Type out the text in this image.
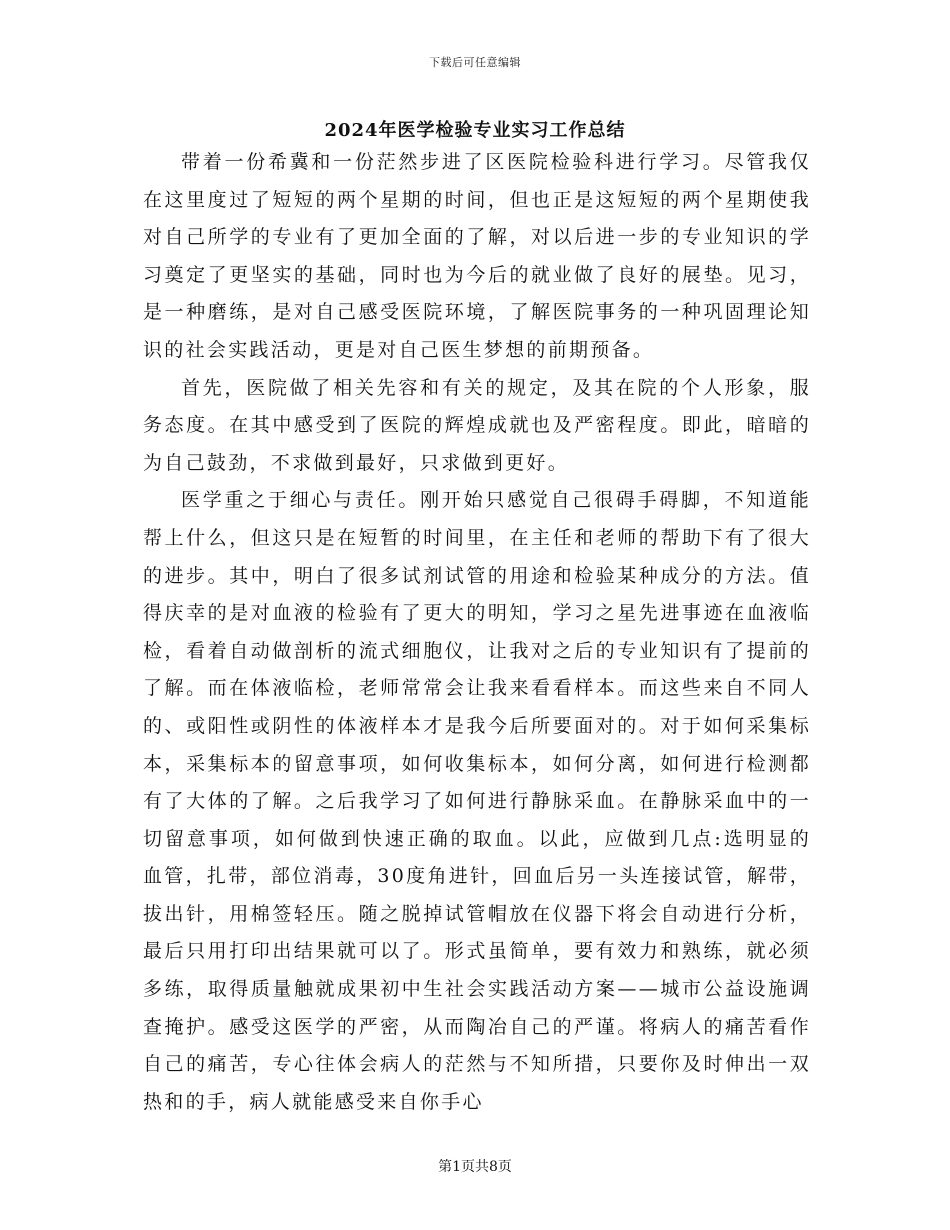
下载后可任意编辑
2024年医学检验专业实习工作总结

带着一份希冀和一份茫然步进了区医院检验科进行学习。尽管我仅在这里度过了短短的两个星期的时间，但也正是这短短的两个星期使我对自己所学的专业有了更加全面的了解，对以后进一步的专业知识的学习奠定了更坚实的基础，同时也为今后的就业做了良好的展垫。见习，是一种磨练，是对自己感受医院环境，了解医院事务的一种巩固理论知识的社会实践活动，更是对自己医生梦想的前期预备。

首先，医院做了相关先容和有关的规定，及其在院的个人形象，服务态度。在其中感受到了医院的辉煌成就也及严密程度。即此，暗暗的为自己鼓劲，不求做到最好，只求做到更好。

医学重之于细心与责任。刚开始只感觉自己很碍手碍脚，不知道能帮上什么，但这只是在短暂的时间里，在主任和老师的帮助下有了很大的进步。其中，明白了很多试剂试管的用途和检验某种成分的方法。值得庆幸的是对血液的检验有了更大的明知，学习之星先进事迹在血液临检，看着自动做剖析的流式细胞仪，让我对之后的专业知识有了提前的了解。而在体液临检，老师常常会让我来看看样本。而这些来自不同人的、或阳性或阴性的体液样本才是我今后所要面对的。对于如何采集标本，采集标本的留意事项，如何收集标本，如何分离，如何进行检测都有了大体的了解。之后我学习了如何进行静脉采血。在静脉采血中的一切留意事项，如何做到快速正确的取血。以此，应做到几点:选明显的血管，扎带，部位消毒，30度角进针，回血后另一头连接试管，解带，拔出针，用棉签轻压。随之脱掉试管帽放在仪器下将会自动进行分析，最后只用打印出结果就可以了。形式虽简单，要有效力和熟练，就必须多练，取得质量触就成果初中生社会实践活动方案——城市公益设施调查掩护。感受这医学的严密，从而陶冶自己的严谨。将病人的痛苦看作自己的痛苦，专心往体会病人的茫然与不知所措，只要你及时伸出一双热和的手，病人就能感受来自你手心

第1页共8页
